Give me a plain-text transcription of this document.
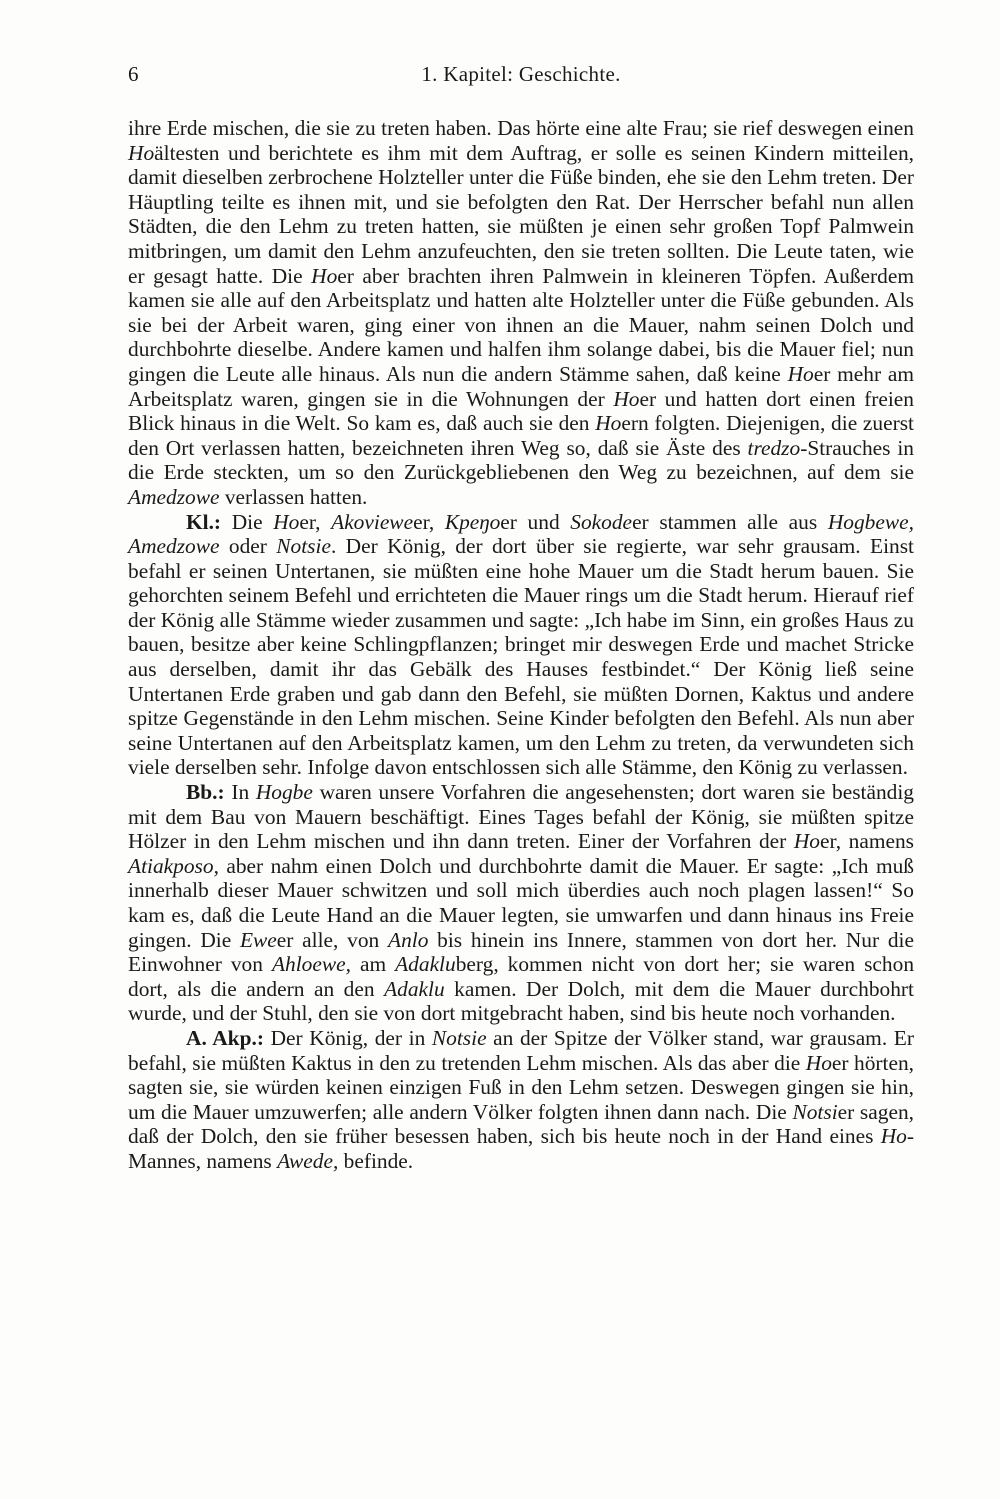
6	1. Kapitel: Geschichte.

ihre Erde mischen, die sie zu treten haben. Das hörte eine alte Frau; sie rief deswegen einen Hoältesten und berichtete es ihm mit dem Auftrag, er solle es seinen Kindern mitteilen, damit dieselben zerbrochene Holzteller unter die Füße binden, ehe sie den Lehm treten. Der Häuptling teilte es ihnen mit, und sie befolgten den Rat. Der Herrscher befahl nun allen Städten, die den Lehm zu treten hatten, sie müßten je einen sehr großen Topf Palmwein mitbringen, um damit den Lehm anzufeuchten, den sie treten sollten. Die Leute taten, wie er gesagt hatte. Die Hoer aber brachten ihren Palmwein in kleineren Töpfen. Außerdem kamen sie alle auf den Arbeitsplatz und hatten alte Holzteller unter die Füße gebunden. Als sie bei der Arbeit waren, ging einer von ihnen an die Mauer, nahm seinen Dolch und durchbohrte dieselbe. Andere kamen und halfen ihm solange dabei, bis die Mauer fiel; nun gingen die Leute alle hinaus. Als nun die andern Stämme sahen, daß keine Hoer mehr am Arbeitsplatz waren, gingen sie in die Wohnungen der Hoer und hatten dort einen freien Blick hinaus in die Welt. So kam es, daß auch sie den Hoern folgten. Diejenigen, die zuerst den Ort verlassen hatten, bezeichneten ihren Weg so, daß sie Äste des tredzo-Strauches in die Erde steckten, um so den Zurückgebliebenen den Weg zu bezeichnen, auf dem sie Amedzowe verlassen hatten.

Kl.: Die Hoer, Akovieweer, Kpeŋoer und Sokodeer stammen alle aus Hogbewe, Amedzowe oder Notsie. Der König, der dort über sie regierte, war sehr grausam. Einst befahl er seinen Untertanen, sie müßten eine hohe Mauer um die Stadt herum bauen. Sie gehorchten seinem Befehl und errichteten die Mauer rings um die Stadt herum. Hierauf rief der König alle Stämme wieder zusammen und sagte: „Ich habe im Sinn, ein großes Haus zu bauen, besitze aber keine Schlingpflanzen; bringet mir deswegen Erde und machet Stricke aus derselben, damit ihr das Gebälk des Hauses festbindet.“ Der König ließ seine Untertanen Erde graben und gab dann den Befehl, sie müßten Dornen, Kaktus und andere spitze Gegenstände in den Lehm mischen. Seine Kinder befolgten den Befehl. Als nun aber seine Untertanen auf den Arbeitsplatz kamen, um den Lehm zu treten, da verwundeten sich viele derselben sehr. Infolge davon entschlossen sich alle Stämme, den König zu verlassen.

Bb.: In Hogbe waren unsere Vorfahren die angesehensten; dort waren sie beständig mit dem Bau von Mauern beschäftigt. Eines Tages befahl der König, sie müßten spitze Hölzer in den Lehm mischen und ihn dann treten. Einer der Vorfahren der Hoer, namens Atiakposo, aber nahm einen Dolch und durchbohrte damit die Mauer. Er sagte: „Ich muß innerhalb dieser Mauer schwitzen und soll mich überdies auch noch plagen lassen!“ So kam es, daß die Leute Hand an die Mauer legten, sie umwarfen und dann hinaus ins Freie gingen. Die Eweer alle, von Anlo bis hinein ins Innere, stammen von dort her. Nur die Einwohner von Ahloewe, am Adakluberg, kommen nicht von dort her; sie waren schon dort, als die andern an den Adaklu kamen. Der Dolch, mit dem die Mauer durchbohrt wurde, und der Stuhl, den sie von dort mitgebracht haben, sind bis heute noch vorhanden.

A. Akp.: Der König, der in Notsie an der Spitze der Völker stand, war grausam. Er befahl, sie müßten Kaktus in den zu tretenden Lehm mischen. Als das aber die Hoer hörten, sagten sie, sie würden keinen einzigen Fuß in den Lehm setzen. Deswegen gingen sie hin, um die Mauer umzuwerfen; alle andern Völker folgten ihnen dann nach. Die Notsier sagen, daß der Dolch, den sie früher besessen haben, sich bis heute noch in der Hand eines Ho-Mannes, namens Awede, befinde.
